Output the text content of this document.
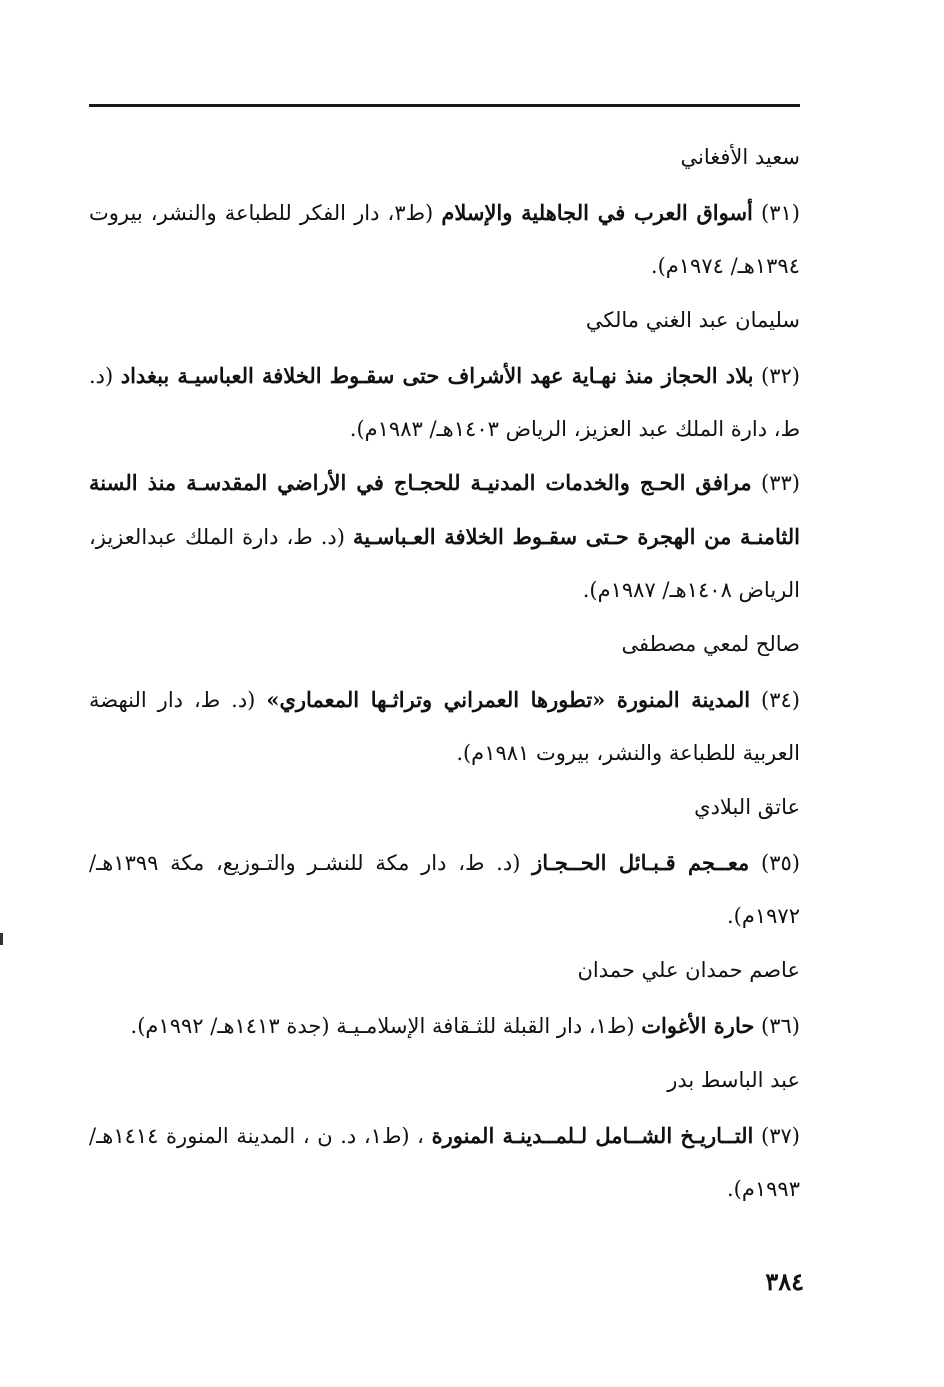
سعيد الأفغاني
(٣١) أسواق العرب في الجاهلية والإسلام (ط٣، دار الفكر للطباعة والنشر، بيروت ١٣٩٤هـ/ ١٩٧٤م).
سليمان عبد الغني مالكي
(٣٢) بلاد الحجاز منذ نهـاية عهد الأشراف حتى سقـوط الخلافة العباسيـة ببغداد (د. ط، دارة الملك عبد العزيز، الرياض ١٤٠٣هـ/ ١٩٨٣م).
(٣٣) مرافق الحـج والخدمات المدنيـة للحجـاج في الأراضي المقدسـة منذ السنة الثامنـة من الهجرة حـتى سقـوط الخلافة العـباسـية (د. ط، دارة الملك عبدالعزيز، الرياض ١٤٠٨هـ/ ١٩٨٧م).
صالح لمعي مصطفى
(٣٤) المدينة المنورة «تطورها العمراني وتراثـها المعماري» (د. ط، دار النهضة العربية للطباعة والنشر، بيروت ١٩٨١م).
عاتق البلادي
(٣٥) معــجم قـبـائل الحــجـاز (د. ط، دار مكة للنشـر والتـوزيع، مكة ١٣٩٩هـ/ ١٩٧٢م).
عاصم حمدان علي حمدان
(٣٦) حارة الأغوات (ط١، دار القبلة للثـقافة الإسلامـيـة (جدة ١٤١٣هـ/ ١٩٩٢م).
عبد الباسط بدر
(٣٧) التــاريـخ الشــامل لـلمــدينـة المنورة ، (ط١، د. ن ، المدينة المنورة ١٤١٤هـ/ ١٩٩٣م).
٣٨٤
